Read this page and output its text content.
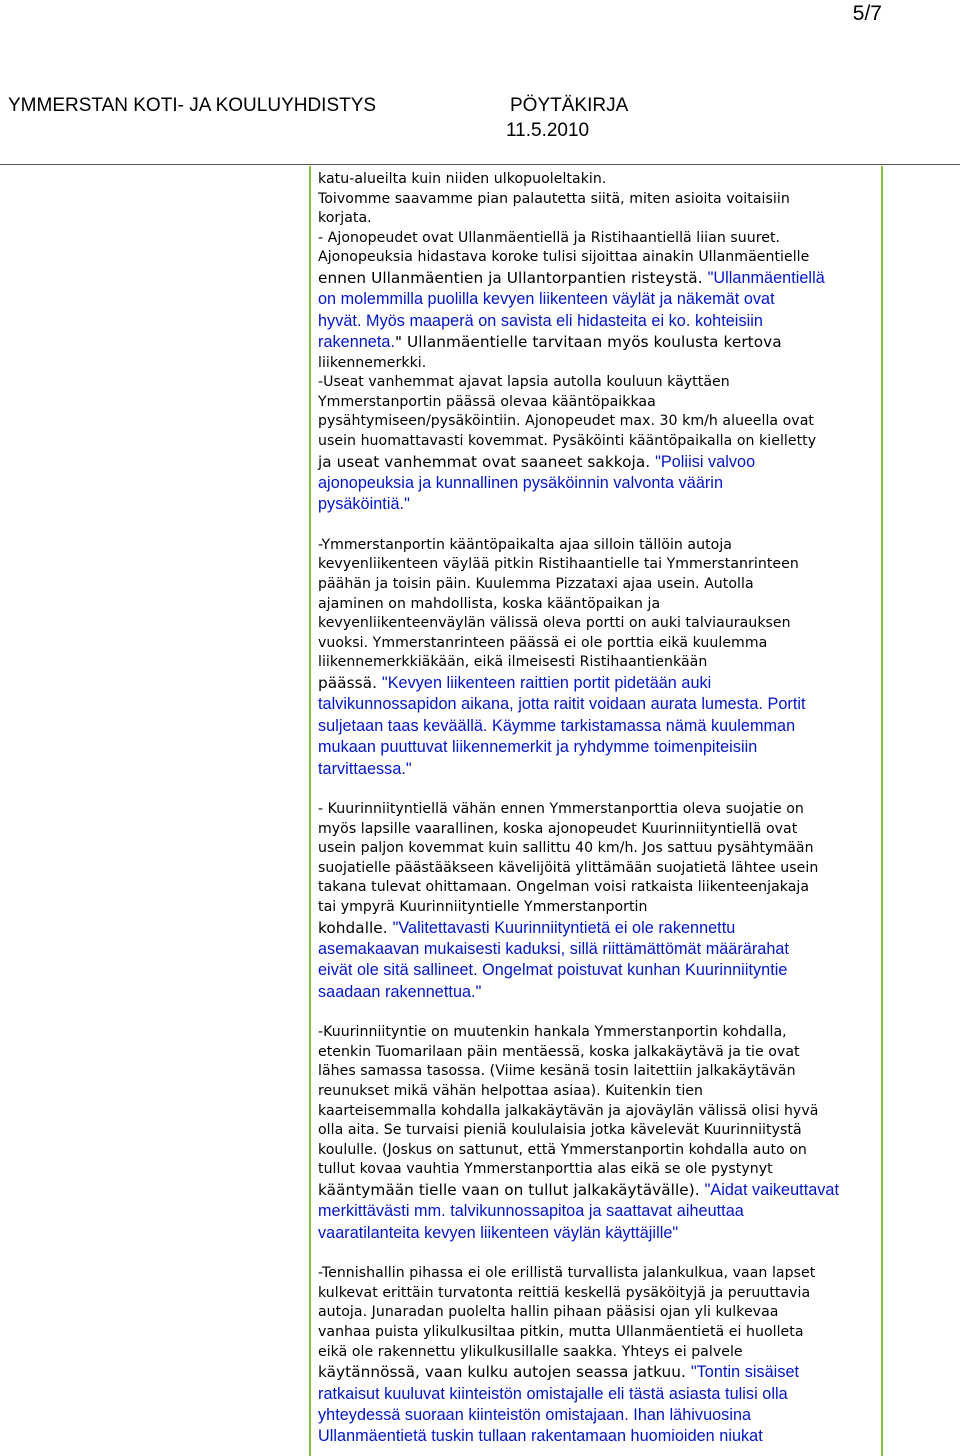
5/7
YMMERSTAN KOTI- JA KOULUYHDISTYS	PÖYTÄKIRJA
11.5.2010
katu-alueilta kuin niiden ulkopuoleltakin.
Toivomme saavamme pian palautetta siitä, miten asioita voitaisiin
korjata.
- Ajonopeudet ovat Ullanmäentiellä ja Ristihaantiellä liian suuret.
Ajonopeuksia hidastava koroke tulisi sijoittaa ainakin Ullanmäentielle
ennen Ullanmäentien ja Ullantorpantien risteystä. "Ullanmäentiellä
on molemmilla puolilla kevyen liikenteen väylät ja näkemät ovat
hyvät. Myös maaperä on savista eli hidasteita ei ko. kohteisiin
rakenneta." Ullanmäentielle tarvitaan myös koulusta kertova
liikennemerkki.
-Useat vanhemmat ajavat lapsia autolla kouluun käyttäen
Ymmerstanportin päässä olevaa kääntöpaikkaa
pysähtymiseen/pysäköintiin. Ajonopeudet max. 30 km/h alueella ovat
usein huomattavasti kovemmat. Pysäköinti kääntöpaikalla on kielletty
ja useat vanhemmat ovat saaneet sakkoja. "Poliisi valvoo
ajonopeuksia ja kunnallinen pysäköinnin valvonta väärin
pysäköintiä."
-Ymmerstanportin kääntöpaikalta ajaa silloin tällöin autoja
kevyenliikenteen väylää pitkin Ristihaantielle tai Ymmerstanrinteen
päähän ja toisin päin. Kuulemma Pizzataxi ajaa usein. Autolla
ajaminen on mahdollista, koska kääntöpaikan ja
kevyenliikenteenväylän välissä oleva portti on auki talviaurauksen
vuoksi. Ymmerstanrinteen päässä ei ole porttia eikä kuulemma
liikennemerkkiäkään, eikä ilmeisesti Ristihaantienkään
päässä. "Kevyen liikenteen raittien portit pidetään auki
talvikunnossapidon aikana, jotta raitit voidaan aurata lumesta. Portit
suljetaan taas keväällä. Käymme tarkistamassa nämä kuulemman
mukaan puuttuvat liikennemerkit ja ryhdymme toimenpiteisiin
tarvittaessa."
- Kuurinniityntiellä vähän ennen Ymmerstanporttia oleva suojatie on
myös lapsille vaarallinen, koska ajonopeudet Kuurinniityntiellä ovat
usein paljon kovemmat kuin sallittu 40 km/h. Jos sattuu pysähtymään
suojatielle päästääkseen kävelijöitä ylittämään suojatietä lähtee usein
takana tulevat ohittamaan. Ongelman voisi ratkaista liikenteenjakaja
tai ympyrä Kuurinniityntielle Ymmerstanportin
kohdalle. "Valitettavasti Kuurinniityntietä ei ole rakennettu
asemakaavan mukaisesti kaduksi, sillä riittämättömät määrärahat
eivät ole sitä sallineet. Ongelmat poistuvat kunhan Kuurinniityntie
saadaan rakennettua."
-Kuurinniityntie on muutenkin hankala Ymmerstanportin kohdalla,
etenkin Tuomarilaan päin mentäessä, koska jalkakäytävä ja tie ovat
lähes samassa tasossa. (Viime kesänä tosin laitettiin jalkakäytävän
reunukset mikä vähän helpottaa asiaa). Kuitenkin tien
kaarteisemmalla kohdalla jalkakäytävän ja ajoväylän välissä olisi hyvä
olla aita. Se turvaisi pieniä koululaisia jotka kävelevät Kuurinniitystä
koululle. (Joskus on sattunut, että Ymmerstanportin kohdalla auto on
tullut kovaa vauhtia Ymmerstanporttia alas eikä se ole pystynyt
kääntymään tielle vaan on tullut jalkakäytävälle). "Aidat vaikeuttavat
merkittävästi mm. talvikunnossapitoa ja saattavat aiheuttaa
vaaratilanteita kevyen liikenteen väylän käyttäjille"
-Tennishallin pihassa ei ole erillistä turvallista jalankulkua, vaan lapset
kulkevat erittäin turvatonta reittiä keskellä pysäköityjä ja peruuttavia
autoja. Junaradan puolelta hallin pihaan pääsisi ojan yli kulkevaa
vanhaa puista ylikulkusiltaa pitkin, mutta Ullanmäentietä ei huolleta
eikä ole rakennettu ylikulkusillalle saakka. Yhteys ei palvele
käytännössä, vaan kulku autojen seassa jatkuu. "Tontin sisäiset
ratkaisut kuuluvat kiinteistön omistajalle eli tästä asiasta tulisi olla
yhteydessä suoraan kiinteistön omistajaan. Ihan lähivuosina
Ullanmäentietä tuskin tullaan rakentamaan huomioiden niukat
